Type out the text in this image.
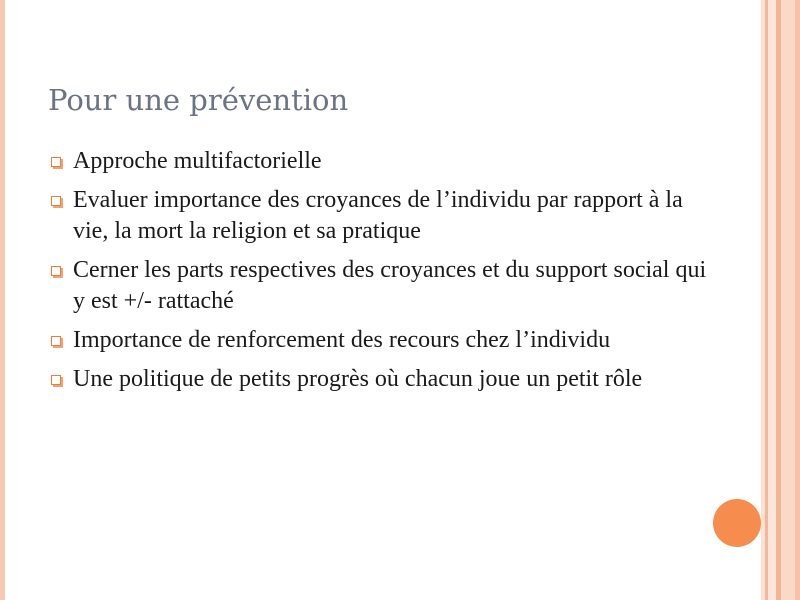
Pour une prévention
Approche multifactorielle
Evaluer importance des croyances de l’individu par rapport à la vie, la mort la religion et sa pratique
Cerner les parts respectives des croyances et du support social qui y est +/- rattaché
Importance de renforcement des recours chez l’individu
Une politique de petits progrès où chacun joue un petit rôle
